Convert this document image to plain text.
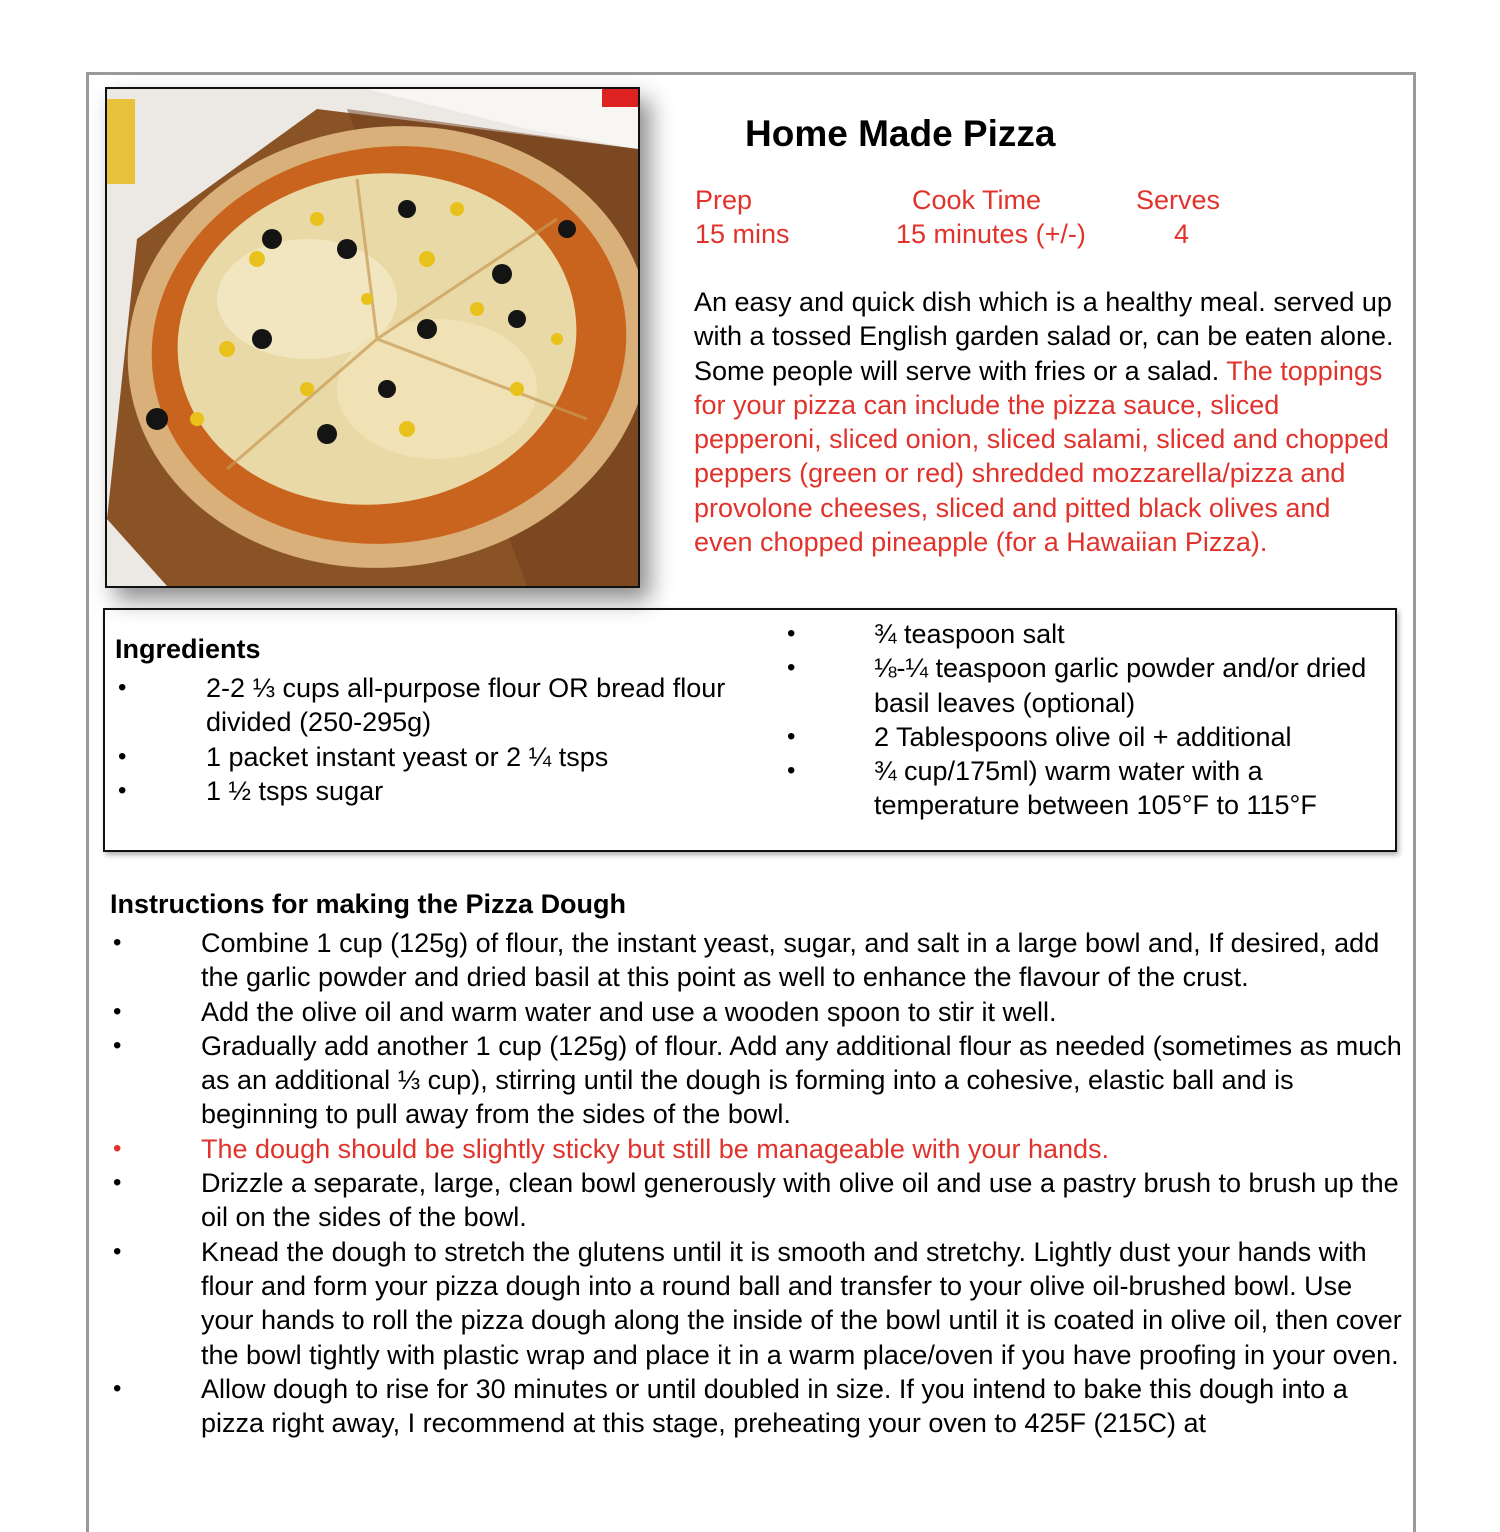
Home Made Pizza
Prep
15 mins
Cook Time
15 minutes (+/-)
Serves
4

An easy and quick dish which is a healthy meal. served up with a tossed English garden salad or, can be eaten alone. Some people will serve with fries or a salad. The toppings for your pizza can include the pizza sauce, sliced pepperoni, sliced onion, sliced salami, sliced and chopped peppers (green or red) shredded mozzarella/pizza and provolone cheeses, sliced and pitted black olives and even chopped pineapple (for a Hawaiian Pizza).

Ingredients
•	2-2 ⅓ cups all-purpose flour OR bread flour divided (250-295g)
•	1 packet instant yeast or 2 ¼ tsps
•	1 ½ tsps sugar
•	¾ teaspoon salt
•	⅛-¼ teaspoon garlic powder and/or dried basil leaves (optional)
•	2 Tablespoons olive oil + additional
•	¾ cup/175ml) warm water with a temperature between 105°F to 115°F
Instructions for making the Pizza Dough
•	Combine 1 cup (125g) of flour, the instant yeast, sugar, and salt in a large bowl and, If desired, add the garlic powder and dried basil at this point as well to enhance the flavour of the crust.
•	Add the olive oil and warm water and use a wooden spoon to stir it well.
•	Gradually add another 1 cup (125g) of flour. Add any additional flour as needed (sometimes as much as an additional ⅓ cup), stirring until the dough is forming into a cohesive, elastic ball and is beginning to pull away from the sides of the bowl.
•	The dough should be slightly sticky but still be manageable with your hands.
•	Drizzle a separate, large, clean bowl generously with olive oil and use a pastry brush to brush up the oil on the sides of the bowl.
•	Knead the dough to stretch the glutens until it is smooth and stretchy. Lightly dust your hands with flour and form your pizza dough into a round ball and transfer to your olive oil-brushed bowl. Use your hands to roll the pizza dough along the inside of the bowl until it is coated in olive oil, then cover the bowl tightly with plastic wrap and place it in a warm place/oven if you have proofing in your oven.
•	Allow dough to rise for 30 minutes or until doubled in size. If you intend to bake this dough into a pizza right away, I recommend at this stage, preheating your oven to 425F (215C) at
